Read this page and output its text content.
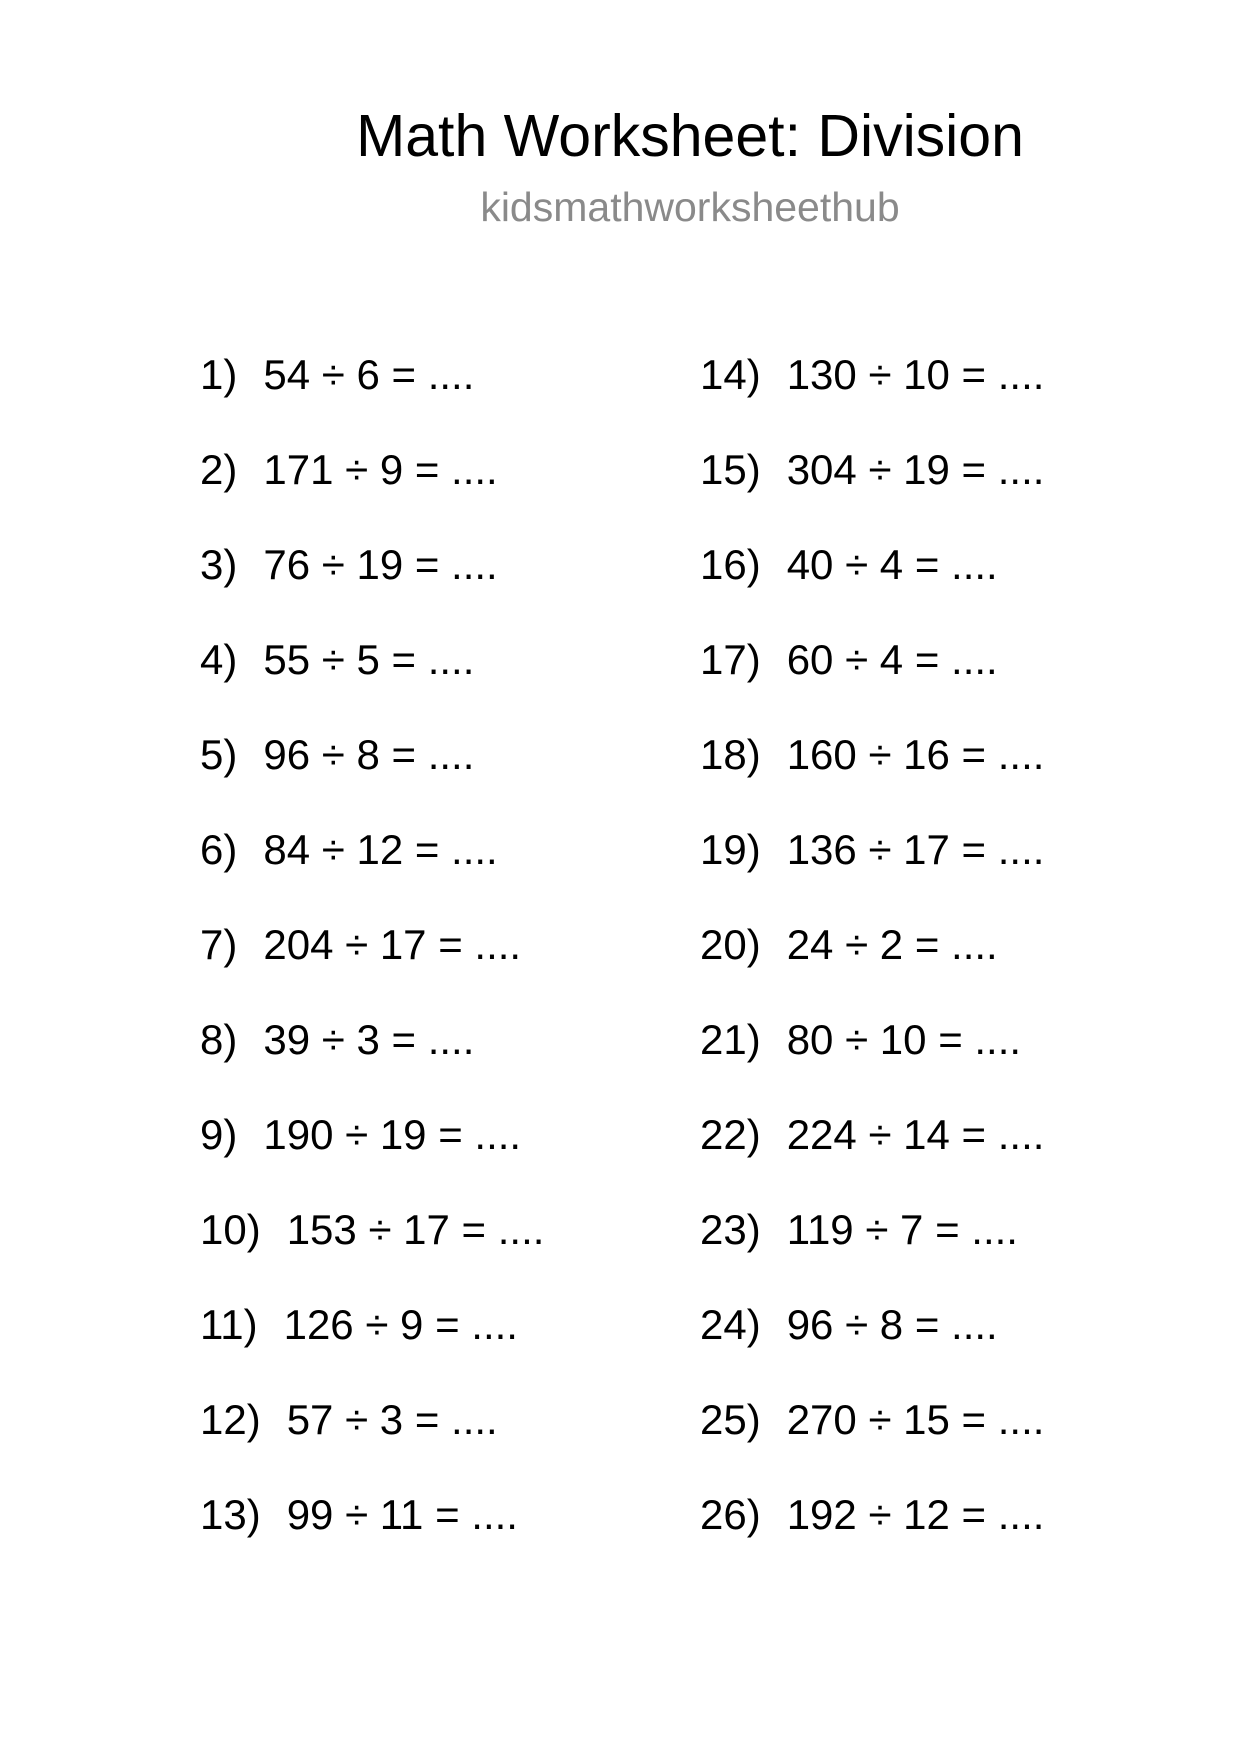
Math Worksheet: Division
kidsmathworksheethub
1) 54 ÷ 6 = ....
2) 171 ÷ 9 = ....
3) 76 ÷ 19 = ....
4) 55 ÷ 5 = ....
5) 96 ÷ 8 = ....
6) 84 ÷ 12 = ....
7) 204 ÷ 17 = ....
8) 39 ÷ 3 = ....
9) 190 ÷ 19 = ....
10) 153 ÷ 17 = ....
11) 126 ÷ 9 = ....
12) 57 ÷ 3 = ....
13) 99 ÷ 11 = ....
14) 130 ÷ 10 = ....
15) 304 ÷ 19 = ....
16) 40 ÷ 4 = ....
17) 60 ÷ 4 = ....
18) 160 ÷ 16 = ....
19) 136 ÷ 17 = ....
20) 24 ÷ 2 = ....
21) 80 ÷ 10 = ....
22) 224 ÷ 14 = ....
23) 119 ÷ 7 = ....
24) 96 ÷ 8 = ....
25) 270 ÷ 15 = ....
26) 192 ÷ 12 = ....
